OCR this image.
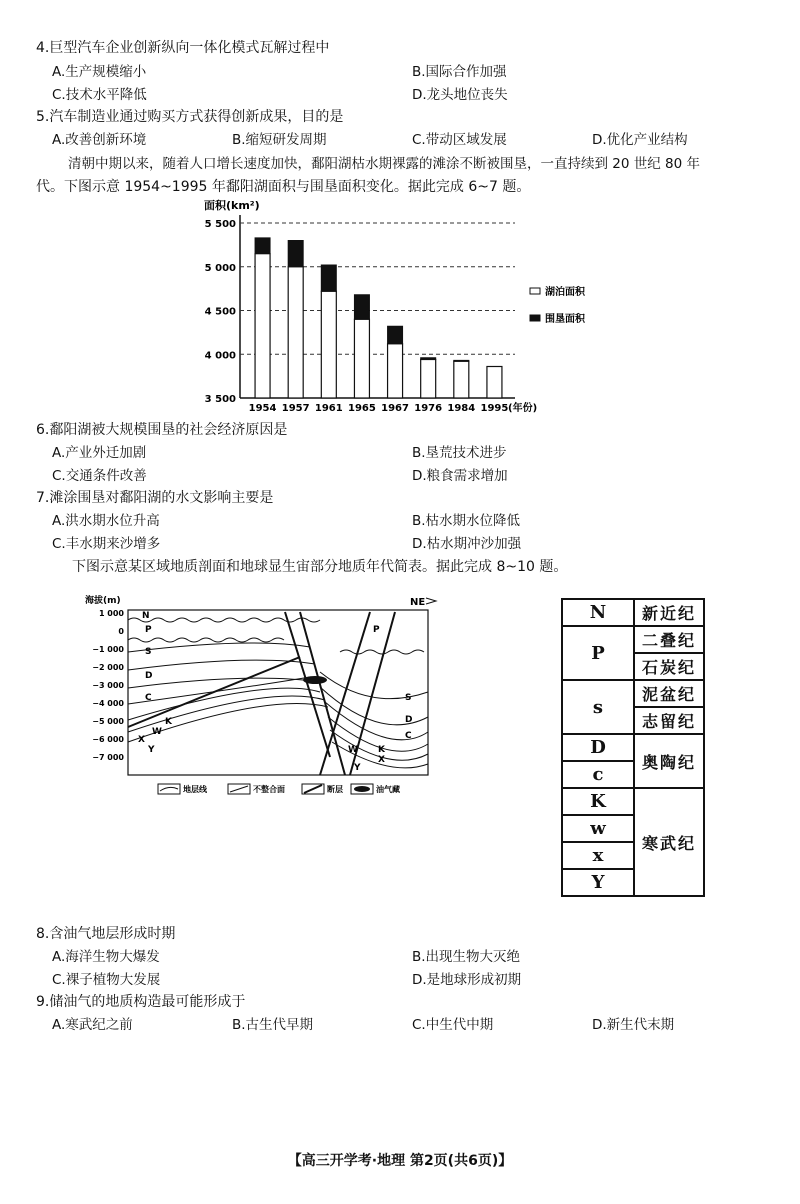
4.巨型汽车企业创新纵向一体化模式瓦解过程中
A.生产规模缩小	B.国际合作加强
C.技术水平降低	D.龙头地位丧失
5.汽车制造业通过购买方式获得创新成果，目的是
A.改善创新环境	B.缩短研发周期	C.带动区域发展	D.优化产业结构
清朝中期以来，随着人口增长速度加快，鄱阳湖枯水期裸露的滩涂不断被围垦，一直持续到 20 世纪 80 年
代。下图示意 1954~1995 年鄱阳湖面积与围垦面积变化。据此完成 6~7 题。
面积(km²)
3 500
4 000
4 500
5 000
5 500
1954 1957 1961 1965 1967 1976 1984 1995 (年份)
湖泊面积
围垦面积
6.鄱阳湖被大规模围垦的社会经济原因是
A.产业外迁加剧	B.垦荒技术进步
C.交通条件改善	D.粮食需求增加
7.滩涂围垦对鄱阳湖的水文影响主要是
A.洪水期水位升高	B.枯水期水位降低
C.丰水期来沙增多	D.枯水期冲沙加强
下图示意某区域地质剖面和地球显生宙部分地质年代简表。据此完成 8~10 题。
海拔(m)	NE
1 000
0
−1 000
−2 000
−3 000
−4 000
−5 000
−6 000
−7 000
N
P
S
D
C
K
W
X
Y
P
S
D
C
K
X
W
Y
地层线	不整合面	断层	油气藏
N	新近纪
P	二叠纪
	石炭纪
s	泥盆纪
	志留纪
D	奥陶纪
c	
K	寒武纪
w	
x	
Y	
8.含油气地层形成时期
A.海洋生物大爆发	B.出现生物大灭绝
C.裸子植物大发展	D.是地球形成初期
9.储油气的地质构造最可能形成于
A.寒武纪之前	B.古生代早期	C.中生代中期	D.新生代末期
【高三开学考·地理 第2页(共6页)】
